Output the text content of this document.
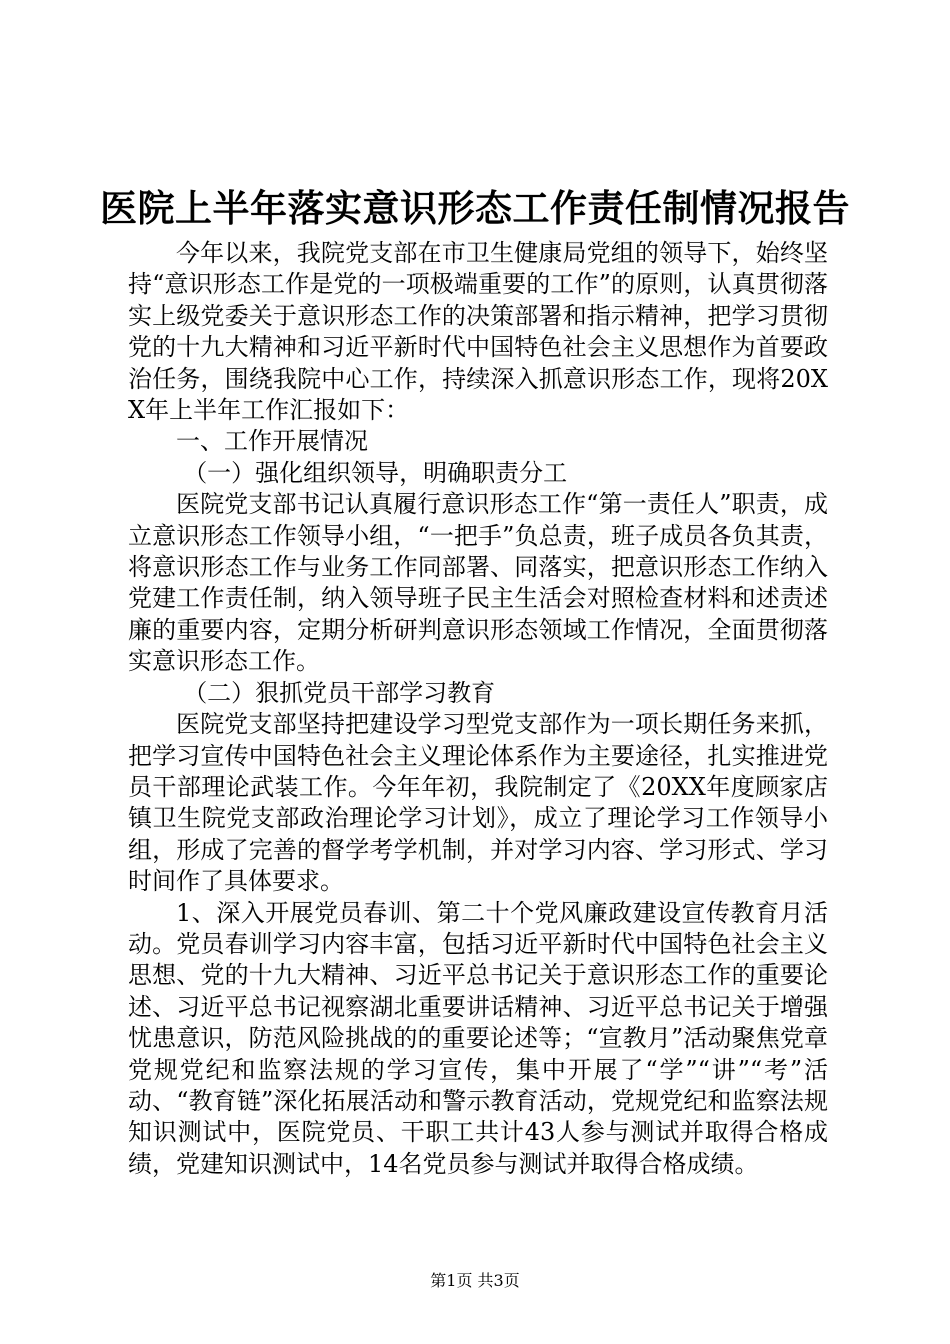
医院上半年落实意识形态工作责任制情况报告

今年以来，我院党支部在市卫生健康局党组的领导下，始终坚持“意识形态工作是党的一项极端重要的工作”的原则，认真贯彻落实上级党委关于意识形态工作的决策部署和指示精神，把学习贯彻党的十九大精神和习近平新时代中国特色社会主义思想作为首要政治任务，围绕我院中心工作，持续深入抓意识形态工作，现将20XX年上半年工作汇报如下：

一、工作开展情况

（一）强化组织领导，明确职责分工

医院党支部书记认真履行意识形态工作“第一责任人”职责，成立意识形态工作领导小组，“一把手”负总责，班子成员各负其责，将意识形态工作与业务工作同部署、同落实，把意识形态工作纳入党建工作责任制，纳入领导班子民主生活会对照检查材料和述责述廉的重要内容，定期分析研判意识形态领域工作情况，全面贯彻落实意识形态工作。

（二）狠抓党员干部学习教育

医院党支部坚持把建设学习型党支部作为一项长期任务来抓，把学习宣传中国特色社会主义理论体系作为主要途径，扎实推进党员干部理论武装工作。今年年初，我院制定了《20XX年度顾家店镇卫生院党支部政治理论学习计划》，成立了理论学习工作领导小组，形成了完善的督学考学机制，并对学习内容、学习形式、学习时间作了具体要求。

1、深入开展党员春训、第二十个党风廉政建设宣传教育月活动。党员春训学习内容丰富，包括习近平新时代中国特色社会主义思想、党的十九大精神、习近平总书记关于意识形态工作的重要论述、习近平总书记视察湖北重要讲话精神、习近平总书记关于增强忧患意识，防范风险挑战的的重要论述等；“宣教月”活动聚焦党章党规党纪和监察法规的学习宣传，集中开展了“学”“讲”“考”活动、“教育链”深化拓展活动和警示教育活动，党规党纪和监察法规知识测试中，医院党员、干职工共计43人参与测试并取得合格成绩，党建知识测试中，14名党员参与测试并取得合格成绩。

第1页 共3页
